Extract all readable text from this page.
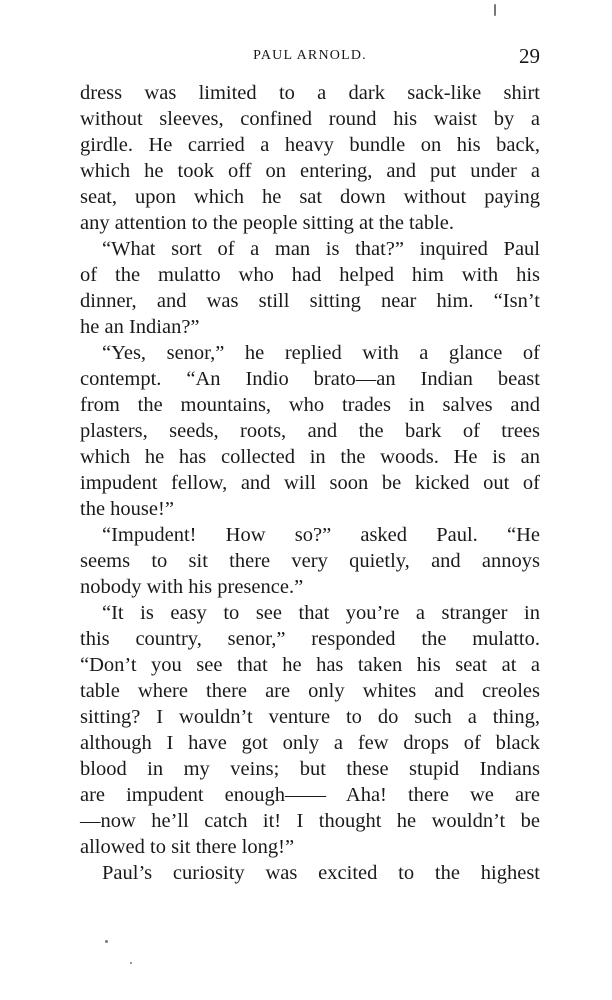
PAUL ARNOLD.	29
dress was limited to a dark sack-like shirt
without sleeves, confined round his waist by a
girdle. He carried a heavy bundle on his back,
which he took off on entering, and put under a
seat, upon which he sat down without paying
any attention to the people sitting at the table.
“What sort of a man is that?” inquired Paul
of the mulatto who had helped him with his
dinner, and was still sitting near him. “Isn’t
he an Indian?”
“Yes, senor,” he replied with a glance of
contempt. “An Indio brato—an Indian beast
from the mountains, who trades in salves and
plasters, seeds, roots, and the bark of trees
which he has collected in the woods. He is an
impudent fellow, and will soon be kicked out of
the house!”
“Impudent! How so?” asked Paul. “He
seems to sit there very quietly, and annoys
nobody with his presence.”
“It is easy to see that you’re a stranger in
this country, senor,” responded the mulatto.
“Don’t you see that he has taken his seat at a
table where there are only whites and creoles
sitting? I wouldn’t venture to do such a thing,
although I have got only a few drops of black
blood in my veins; but these stupid Indians
are impudent enough—— Aha! there we are
—now he’ll catch it! I thought he wouldn’t be
allowed to sit there long!”
Paul’s curiosity was excited to the highest
